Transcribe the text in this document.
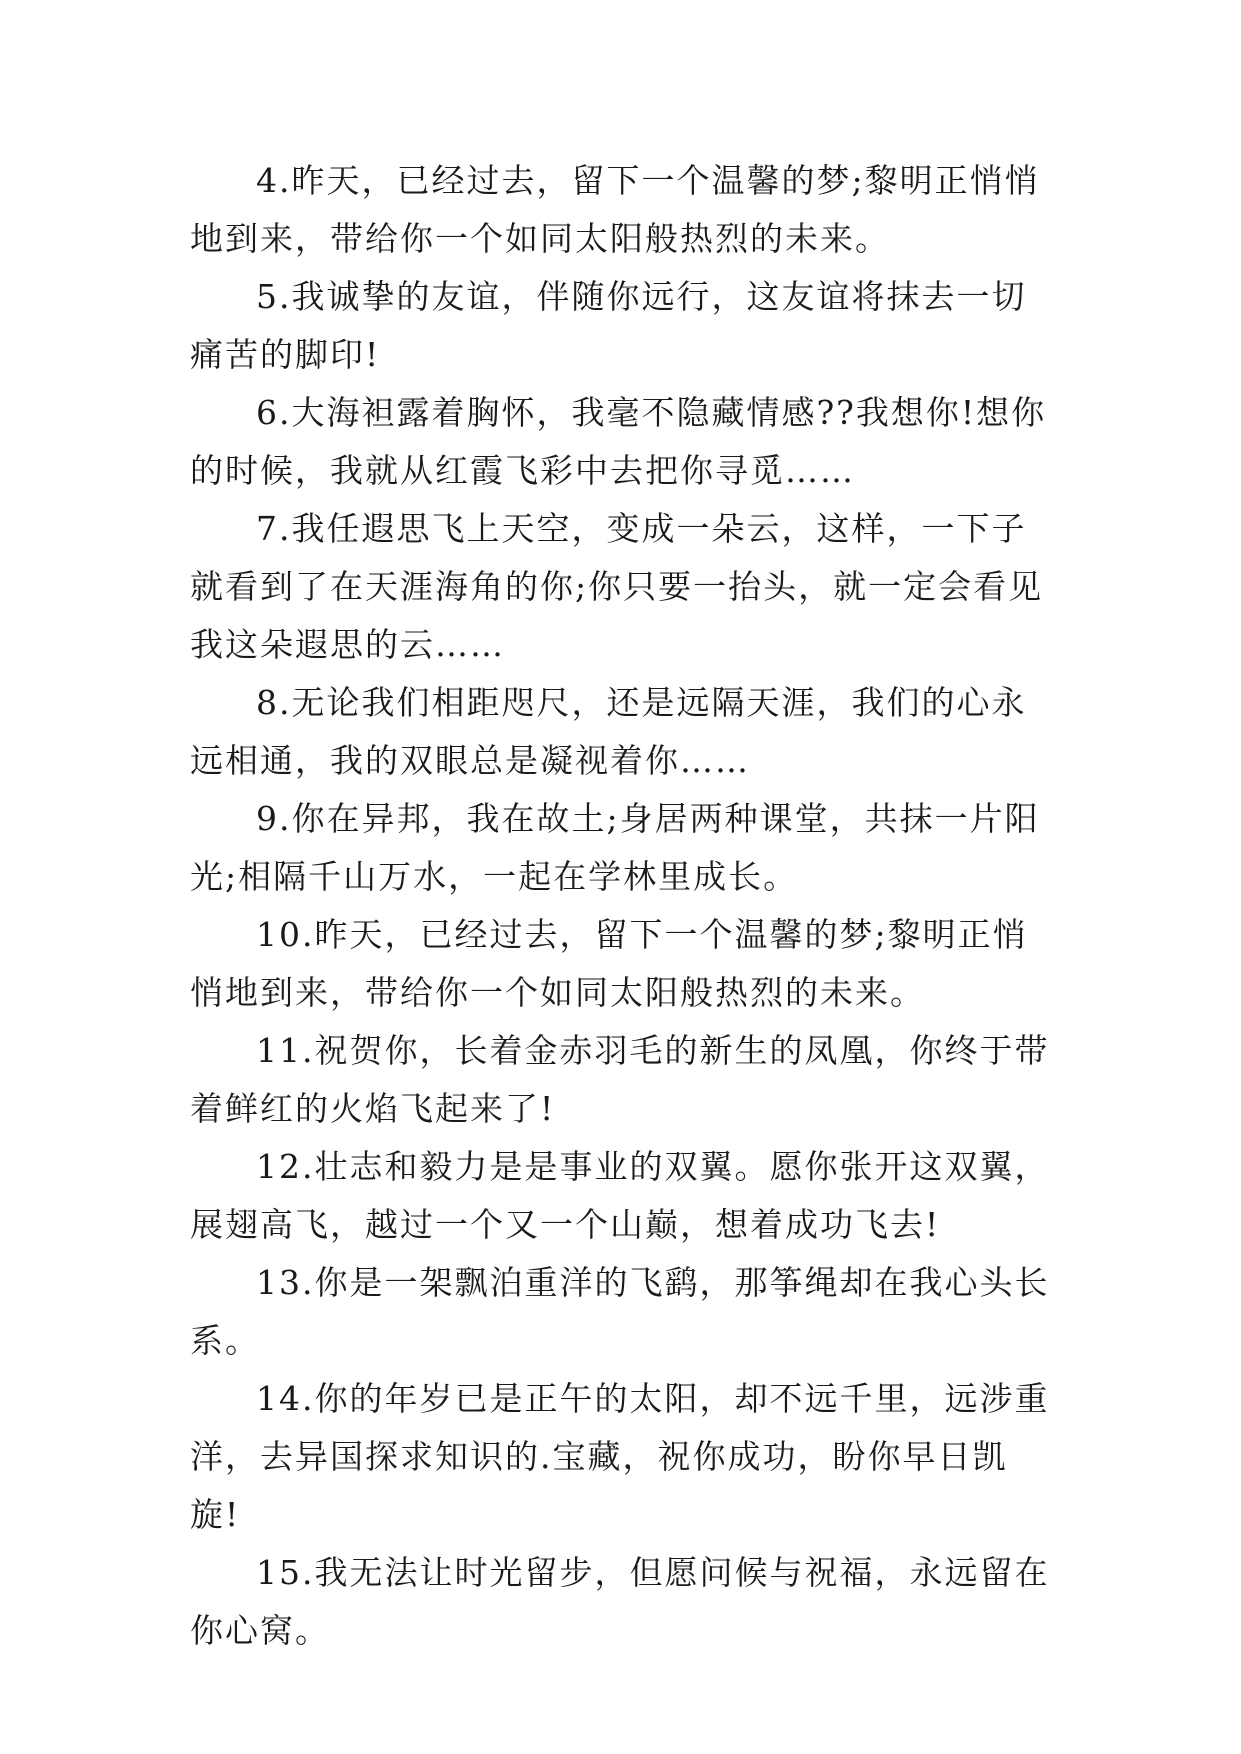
4.昨天，已经过去，留下一个温馨的梦;黎明正悄悄地到来，带给你一个如同太阳般热烈的未来。

5.我诚挚的友谊，伴随你远行，这友谊将抹去一切痛苦的脚印!

6.大海袒露着胸怀，我毫不隐藏情感??我想你!想你的时候，我就从红霞飞彩中去把你寻觅……

7.我任遐思飞上天空，变成一朵云，这样，一下子就看到了在天涯海角的你;你只要一抬头，就一定会看见我这朵遐思的云……

8.无论我们相距咫尺，还是远隔天涯，我们的心永远相通，我的双眼总是凝视着你……

9.你在异邦，我在故土;身居两种课堂，共抹一片阳光;相隔千山万水，一起在学林里成长。

10.昨天，已经过去，留下一个温馨的梦;黎明正悄悄地到来，带给你一个如同太阳般热烈的未来。

11.祝贺你，长着金赤羽毛的新生的凤凰，你终于带着鲜红的火焰飞起来了!

12.壮志和毅力是是事业的双翼。愿你张开这双翼，展翅高飞，越过一个又一个山巅，想着成功飞去!

13.你是一架飘泊重洋的飞鹞，那筝绳却在我心头长系。

14.你的年岁已是正午的太阳，却不远千里，远涉重洋，去异国探求知识的.宝藏，祝你成功，盼你早日凯旋!

15.我无法让时光留步，但愿问候与祝福，永远留在你心窝。
